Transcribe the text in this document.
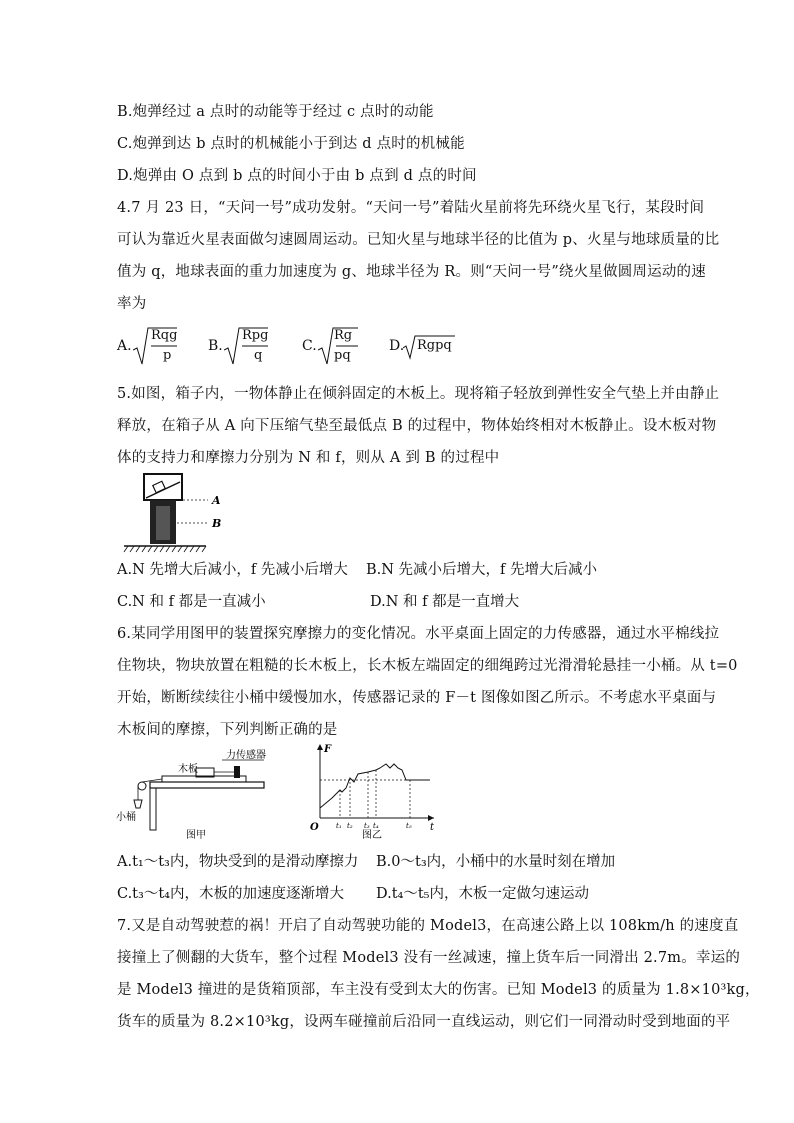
B.炮弹经过 a 点时的动能等于经过 c 点时的动能
C.炮弹到达 b 点时的机械能小于到达 d 点时的机械能
D.炮弹由 O 点到 b 点的时间小于由 b 点到 d 点的时间
4.7 月 23 日，“天问一号”成功发射。“天问一号”着陆火星前将先环绕火星飞行，某段时间
可认为靠近火星表面做匀速圆周运动。已知火星与地球半径的比值为 p、火星与地球质量的比
值为 q，地球表面的重力加速度为 g、地球半径为 R。则“天问一号”绕火星做圆周运动的速
率为
A.
Rqg
p
B.
Rpg
q
C.
Rg
pq
D. Rgpq
5.如图，箱子内，一物体静止在倾斜固定的木板上。现将箱子轻放到弹性安全气垫上并由静止
释放，在箱子从 A 向下压缩气垫至最低点 B 的过程中，物体始终相对木板静止。设木板对物
体的支持力和摩擦力分别为 N 和 f，则从 A 到 B 的过程中
A
B
A.N 先增大后减小，f 先减小后增大 B.N 先减小后增大，f 先增大后减小
C.N 和 f 都是一直减小	D.N 和 f 都是一直增大
6.某同学用图甲的装置探究摩擦力的变化情况。水平桌面上固定的力传感器，通过水平棉线拉
住物块，物块放置在粗糙的长木板上，长木板左端固定的细绳跨过光滑滑轮悬挂一小桶。从 t=0
开始，断断续续往小桶中缓慢加水，传感器记录的 F－t 图像如图乙所示。不考虑水平桌面与
木板间的摩擦，下列判断正确的是
木板
力传感器
小桶
图甲
F
O	t
t₁ t₂ t₃ t₄	t₅
图乙
A.t₁～t₃内，物块受到的是滑动摩擦力 B.0～t₃内，小桶中的水量时刻在增加
C.t₃～t₄内，木板的加速度逐渐增大 D.t₄～t₅内，木板一定做匀速运动
7.又是自动驾驶惹的祸！开启了自动驾驶功能的 Model3，在高速公路上以 108km/h 的速度直
接撞上了侧翻的大货车，整个过程 Model3 没有一丝减速，撞上货车后一同滑出 2.7m。幸运的
是 Model3 撞进的是货箱顶部，车主没有受到太大的伤害。已知 Model3 的质量为 1.8×10³kg，
货车的质量为 8.2×10³kg，设两车碰撞前后沿同一直线运动，则它们一同滑动时受到地面的平
